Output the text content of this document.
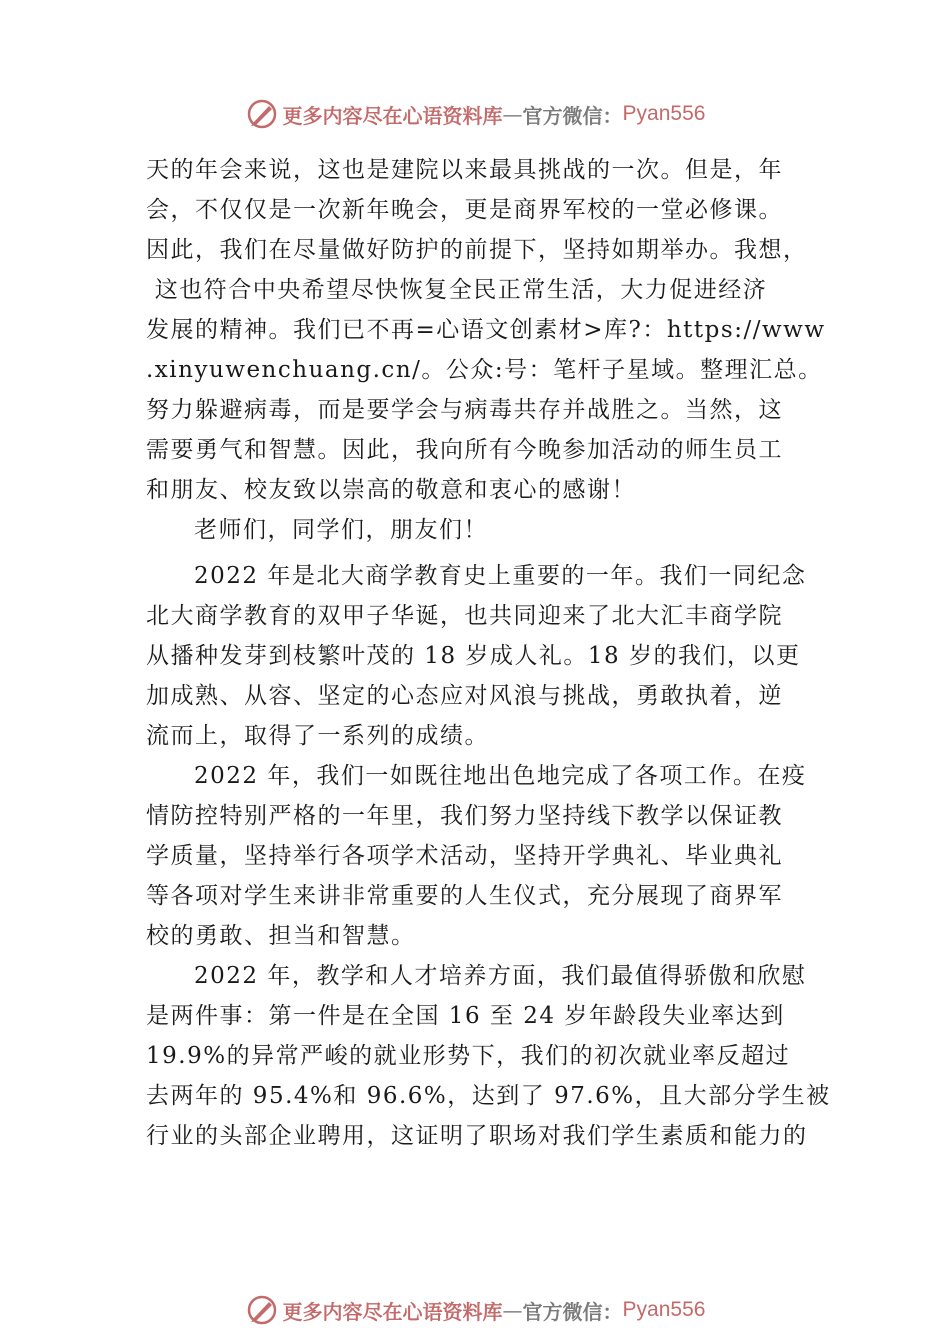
更多内容尽在心语资料库 — 官方微信： Pyan556
天的年会来说，这也是建院以来最具挑战的一次。但是，年
会，不仅仅是一次新年晚会，更是商界军校的一堂必修课。
因此，我们在尽量做好防护的前提下，坚持如期举办。我想，
这也符合中央希望尽快恢复全民正常生活，大力促进经济
发展的精神。我们已不再=心语文创素材>库?：https://www
.xinyuwenchuang.cn/。公众:号：笔杆子星域。整理汇总。
努力躲避病毒，而是要学会与病毒共存并战胜之。当然，这
需要勇气和智慧。因此，我向所有今晚参加活动的师生员工
和朋友、校友致以崇高的敬意和衷心的感谢！
老师们，同学们，朋友们！
2022 年是北大商学教育史上重要的一年。我们一同纪念
北大商学教育的双甲子华诞，也共同迎来了北大汇丰商学院
从播种发芽到枝繁叶茂的 18 岁成人礼。18 岁的我们，以更
加成熟、从容、坚定的心态应对风浪与挑战，勇敢执着，逆
流而上，取得了一系列的成绩。
2022 年，我们一如既往地出色地完成了各项工作。在疫
情防控特别严格的一年里，我们努力坚持线下教学以保证教
学质量，坚持举行各项学术活动，坚持开学典礼、毕业典礼
等各项对学生来讲非常重要的人生仪式，充分展现了商界军
校的勇敢、担当和智慧。
2022 年，教学和人才培养方面，我们最值得骄傲和欣慰
是两件事：第一件是在全国 16 至 24 岁年龄段失业率达到
19.9%的异常严峻的就业形势下，我们的初次就业率反超过
去两年的 95.4%和 96.6%，达到了 97.6%，且大部分学生被
行业的头部企业聘用，这证明了职场对我们学生素质和能力的
更多内容尽在心语资料库 — 官方微信： Pyan556
